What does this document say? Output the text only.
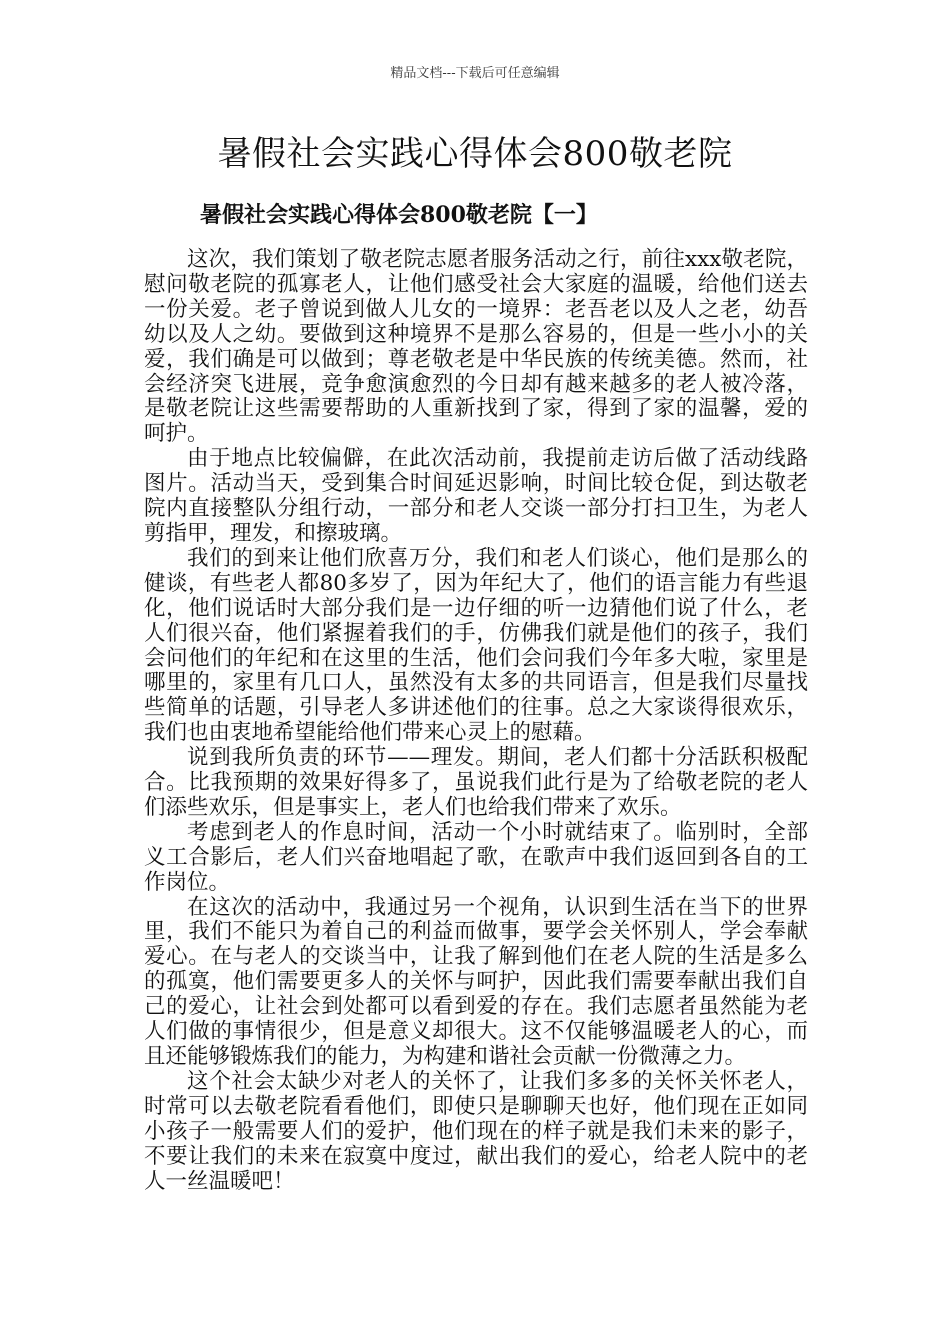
精品文档---下载后可任意编辑
暑假社会实践心得体会800敬老院
暑假社会实践心得体会800敬老院【一】

这次，我们策划了敬老院志愿者服务活动之行，前往xxx敬老院，慰问敬老院的孤寡老人，让他们感受社会大家庭的温暖，给他们送去一份关爱。老子曾说到做人儿女的一境界：老吾老以及人之老，幼吾幼以及人之幼。要做到这种境界不是那么容易的，但是一些小小的关爱，我们确是可以做到；尊老敬老是中华民族的传统美德。然而，社会经济突飞进展，竞争愈演愈烈的今日却有越来越多的老人被冷落，是敬老院让这些需要帮助的人重新找到了家，得到了家的温馨，爱的呵护。

由于地点比较偏僻，在此次活动前，我提前走访后做了活动线路图片。活动当天，受到集合时间延迟影响，时间比较仓促，到达敬老院内直接整队分组行动，一部分和老人交谈一部分打扫卫生，为老人剪指甲，理发，和擦玻璃。

我们的到来让他们欣喜万分，我们和老人们谈心，他们是那么的健谈，有些老人都80多岁了，因为年纪大了，他们的语言能力有些退化，他们说话时大部分我们是一边仔细的听一边猜他们说了什么，老人们很兴奋，他们紧握着我们的手，仿佛我们就是他们的孩子，我们会问他们的年纪和在这里的生活，他们会问我们今年多大啦，家里是哪里的，家里有几口人，虽然没有太多的共同语言，但是我们尽量找些简单的话题，引导老人多讲述他们的往事。总之大家谈得很欢乐，我们也由衷地希望能给他们带来心灵上的慰藉。

说到我所负责的环节——理发。期间，老人们都十分活跃积极配合。比我预期的效果好得多了，虽说我们此行是为了给敬老院的老人们添些欢乐，但是事实上，老人们也给我们带来了欢乐。

考虑到老人的作息时间，活动一个小时就结束了。临别时，全部义工合影后，老人们兴奋地唱起了歌，在歌声中我们返回到各自的工作岗位。

在这次的活动中，我通过另一个视角，认识到生活在当下的世界里，我们不能只为着自己的利益而做事，要学会关怀别人，学会奉献爱心。在与老人的交谈当中，让我了解到他们在老人院的生活是多么的孤寞，他们需要更多人的关怀与呵护，因此我们需要奉献出我们自己的爱心，让社会到处都可以看到爱的存在。我们志愿者虽然能为老人们做的事情很少，但是意义却很大。这不仅能够温暖老人的心，而且还能够锻炼我们的能力，为构建和谐社会贡献一份微薄之力。

这个社会太缺少对老人的关怀了，让我们多多的关怀关怀老人，时常可以去敬老院看看他们，即使只是聊聊天也好，他们现在正如同小孩子一般需要人们的爱护，他们现在的样子就是我们未来的影子，不要让我们的未来在寂寞中度过，献出我们的爱心，给老人院中的老人一丝温暖吧！
